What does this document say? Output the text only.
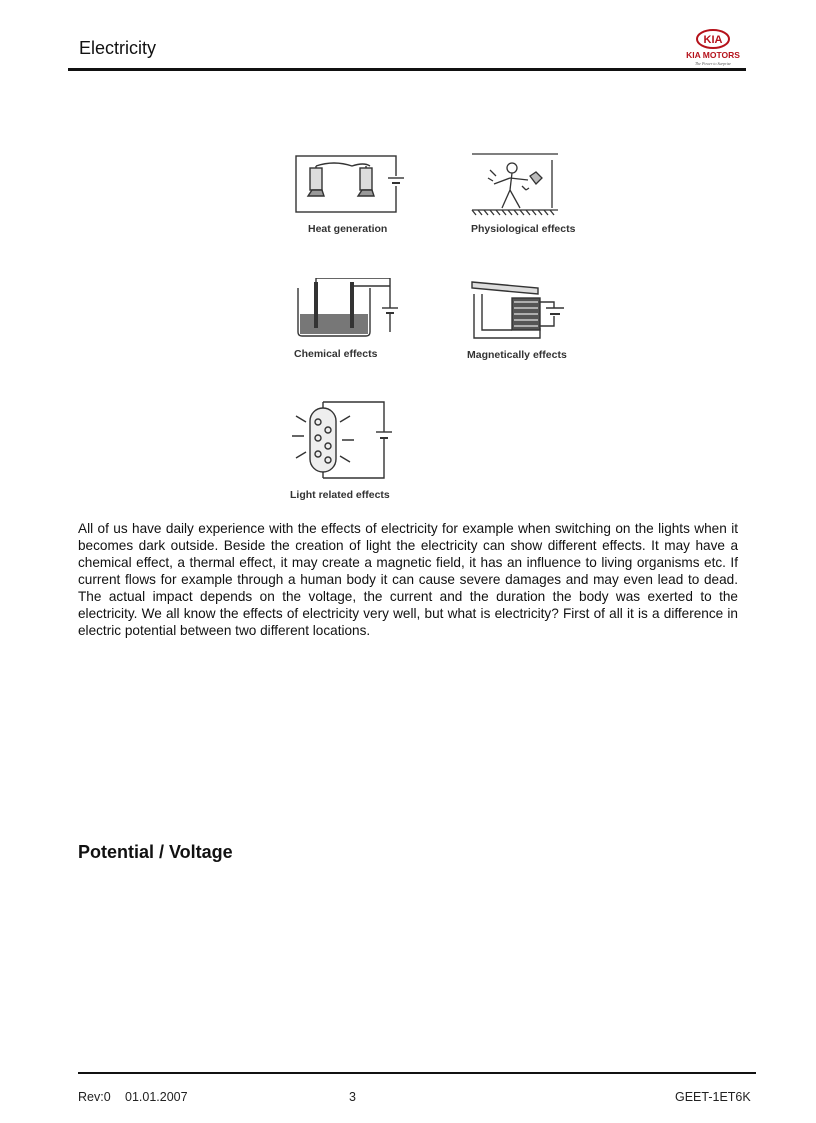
Electricity	KIA
KIA MOTORS
The Power to Surprise
Heat generation	Physiological effects
Chemical effects	Magnetically effects
Light related effects

All of us have daily experience with the effects of electricity for example when switching on the lights when it becomes dark outside. Beside the creation of light the electricity can show different effects. It may have a chemical effect, a thermal effect, it may create a magnetic field, it has an influence to living organisms etc. If current flows for example through a human body it can cause severe damages and may even lead to dead. The actual impact depends on the voltage, the current and the duration the body was exerted to the electricity. We all know the effects of electricity very well, but what is electricity? First of all it is a difference in electric potential between two different locations.

Potential / Voltage
Rev:0 01.01.2007	3	GEET-1ET6K
